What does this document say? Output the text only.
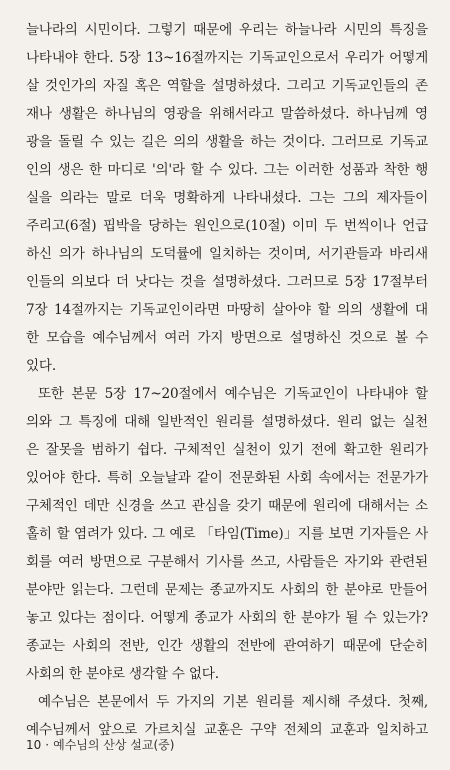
늘나라의 시민이다. 그렇기 때문에 우리는 하늘나라 시민의 특징을
나타내야 한다. 5장 13~16절까지는 기독교인으로서 우리가 어떻게
살 것인가의 자질 혹은 역할을 설명하셨다. 그리고 기독교인들의 존
재나 생활은 하나님의 영광을 위해서라고 말씀하셨다. 하나님께 영
광을 돌릴 수 있는 길은 의의 생활을 하는 것이다. 그러므로 기독교
인의 생은 한 마디로 '의'라 할 수 있다. 그는 이러한 성품과 착한 행
실을 의라는 말로 더욱 명확하게 나타내셨다. 그는 그의 제자들이
주리고(6절) 핍박을 당하는 원인으로(10절) 이미 두 번씩이나 언급
하신 의가 하나님의 도덕률에 일치하는 것이며, 서기관들과 바리새
인들의 의보다 더 낫다는 것을 설명하셨다. 그러므로 5장 17절부터
7장 14절까지는 기독교인이라면 마땅히 살아야 할 의의 생활에 대
한 모습을 예수님께서 여러 가지 방면으로 설명하신 것으로 볼 수
있다.
또한 본문 5장 17~20절에서 예수님은 기독교인이 나타내야 할
의와 그 특징에 대해 일반적인 원리를 설명하셨다. 원리 없는 실천
은 잘못을 범하기 쉽다. 구체적인 실천이 있기 전에 확고한 원리가
있어야 한다. 특히 오늘날과 같이 전문화된 사회 속에서는 전문가가
구체적인 데만 신경을 쓰고 관심을 갖기 때문에 원리에 대해서는 소
홀히 할 염려가 있다. 그 예로 「타임(Time)」지를 보면 기자들은 사
회를 여러 방면으로 구분해서 기사를 쓰고, 사람들은 자기와 관련된
분야만 읽는다. 그런데 문제는 종교까지도 사회의 한 분야로 만들어
놓고 있다는 점이다. 어떻게 종교가 사회의 한 분야가 될 수 있는가?
종교는 사회의 전반, 인간 생활의 전반에 관여하기 때문에 단순히
사회의 한 분야로 생각할 수 없다.
예수님은 본문에서 두 가지의 기본 원리를 제시해 주셨다. 첫째,
예수님께서 앞으로 가르치실 교훈은 구약 전체의 교훈과 일치하고
10 · 예수님의 산상 설교(중)
